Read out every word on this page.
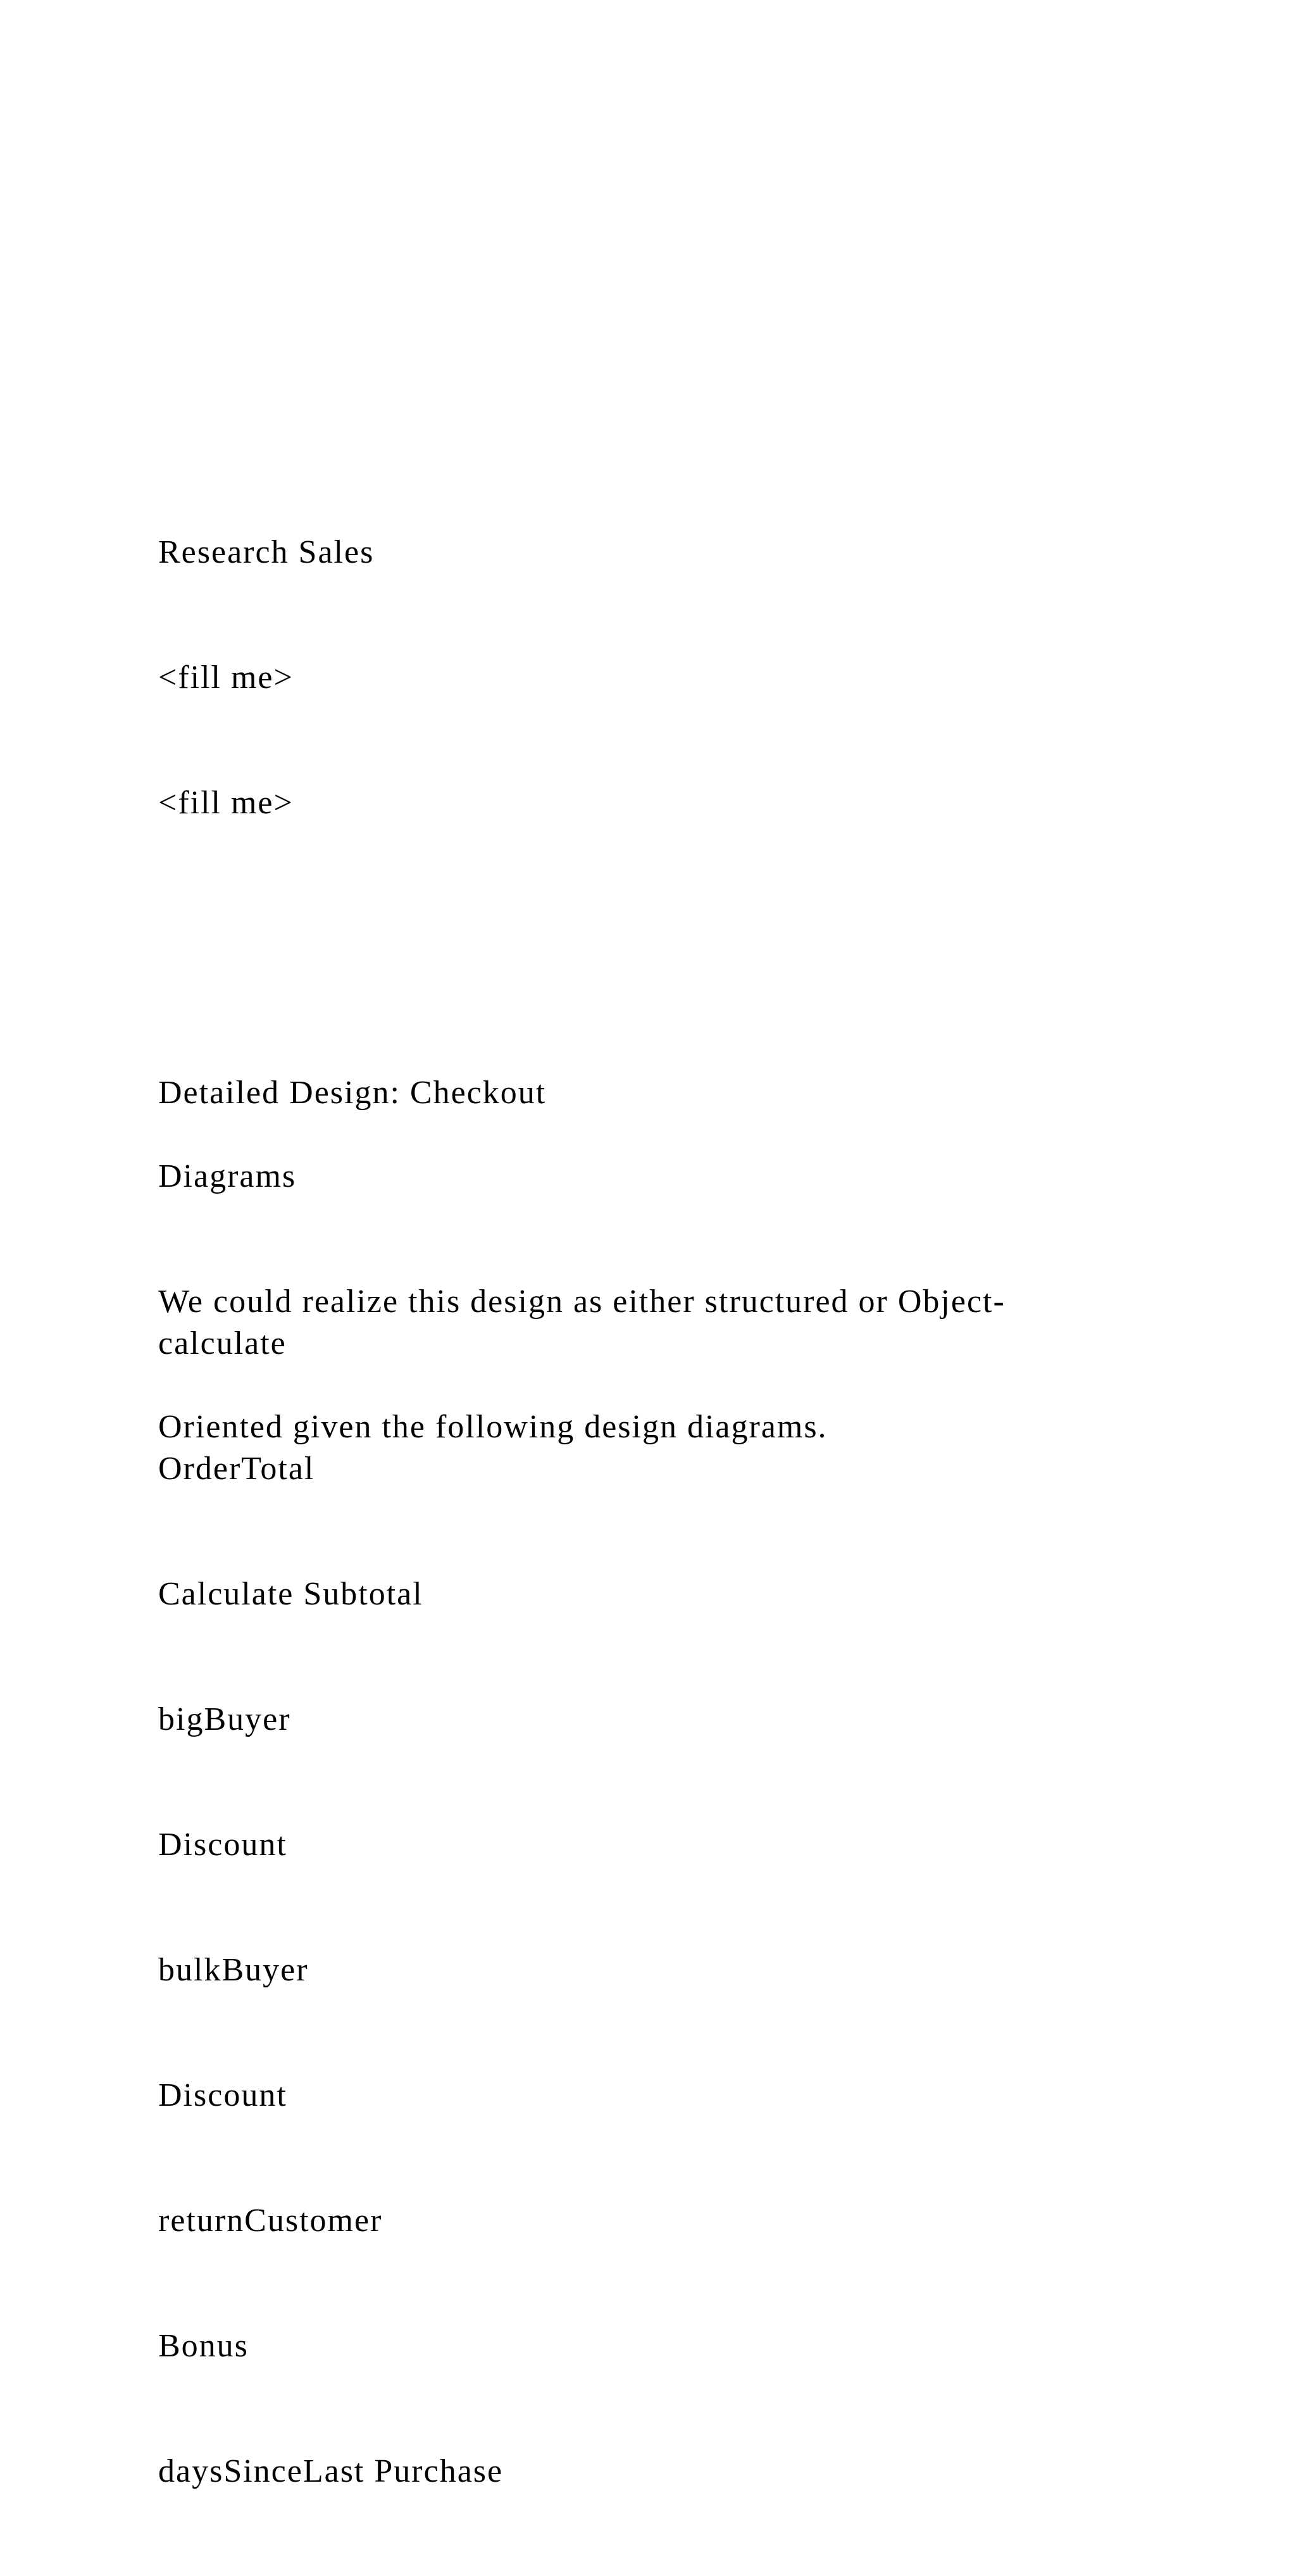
Research Sales

<fill me>

<fill me>

Detailed Design: Checkout

Diagrams

We could realize this design as either structured or Object-

Oriented given the following design diagrams.

calculate

OrderTotal

Calculate Subtotal

bigBuyer

Discount

bulkBuyer

Discount

returnCustomer

Bonus

daysSinceLast Purchase
